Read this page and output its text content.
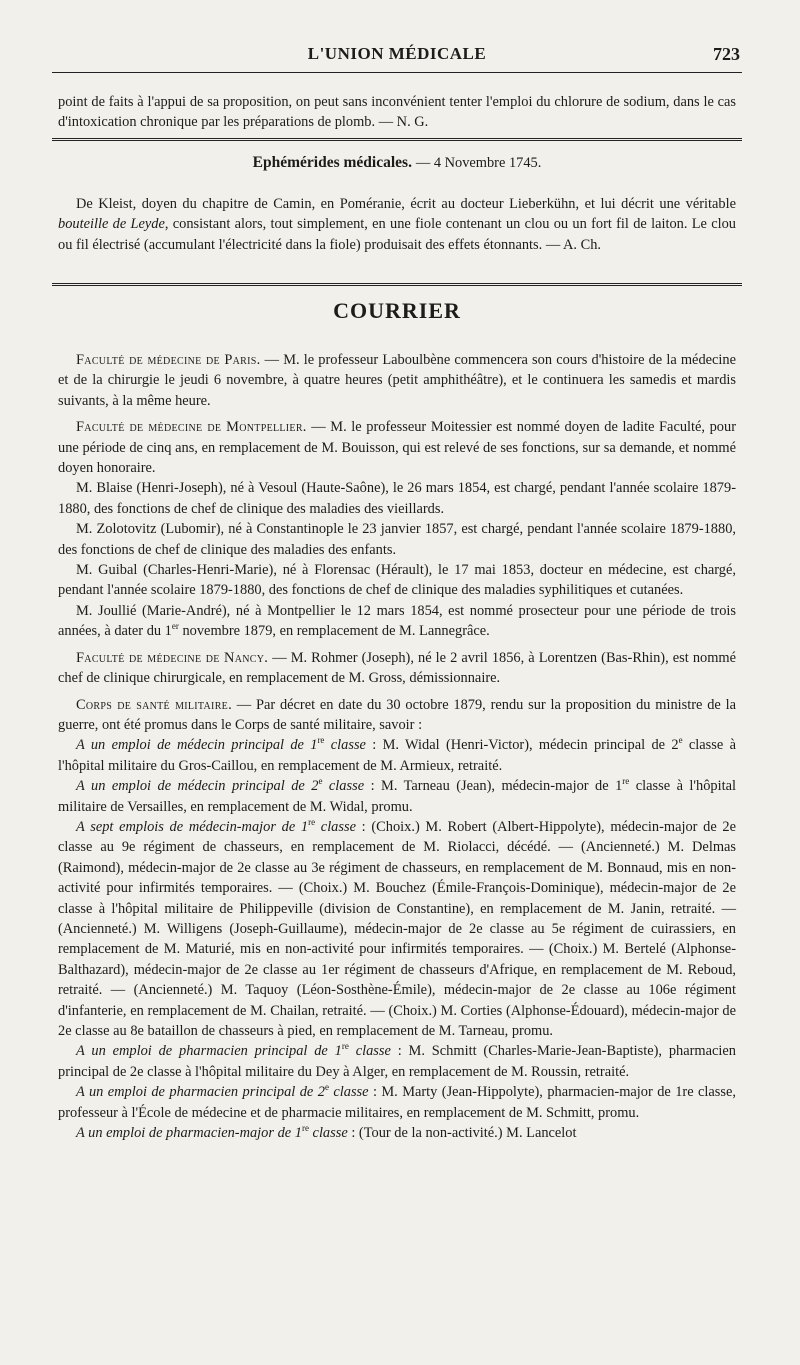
L'UNION MÉDICALE	723

point de faits à l'appui de sa proposition, on peut sans inconvénient tenter l'emploi du chlorure de sodium, dans le cas d'intoxication chronique par les préparations de plomb. — N. G.

Ephémérides médicales. — 4 Novembre 1745.

De Kleist, doyen du chapitre de Camin, en Poméranie, écrit au docteur Lieberkühn, et lui décrit une véritable bouteille de Leyde, consistant alors, tout simplement, en une fiole contenant un clou ou un fort fil de laiton. Le clou ou fil électrisé (accumulant l'électricité dans la fiole) produisait des effets étonnants. — A. Ch.

COURRIER

Faculté de médecine de Paris. — M. le professeur Laboulbène commencera son cours d'histoire de la médecine et de la chirurgie le jeudi 6 novembre, à quatre heures (petit amphithéâtre), et le continuera les samedis et mardis suivants, à la même heure.

Faculté de médecine de Montpellier. — M. le professeur Moitessier est nommé doyen de ladite Faculté, pour une période de cinq ans, en remplacement de M. Bouisson, qui est relevé de ses fonctions, sur sa demande, et nommé doyen honoraire.

M. Blaise (Henri-Joseph), né à Vesoul (Haute-Saône), le 26 mars 1854, est chargé, pendant l'année scolaire 1879-1880, des fonctions de chef de clinique des maladies des vieillards.

M. Zolotovitz (Lubomir), né à Constantinople le 23 janvier 1857, est chargé, pendant l'année scolaire 1879-1880, des fonctions de chef de clinique des maladies des enfants.

M. Guibal (Charles-Henri-Marie), né à Florensac (Hérault), le 17 mai 1853, docteur en médecine, est chargé, pendant l'année scolaire 1879-1880, des fonctions de chef de clinique des maladies syphilitiques et cutanées.

M. Joullié (Marie-André), né à Montpellier le 12 mars 1854, est nommé prosecteur pour une période de trois années, à dater du 1er novembre 1879, en remplacement de M. Lannegrâce.

Faculté de médecine de Nancy. — M. Rohmer (Joseph), né le 2 avril 1856, à Lorentzen (Bas-Rhin), est nommé chef de clinique chirurgicale, en remplacement de M. Gross, démissionnaire.

Corps de santé militaire. — Par décret en date du 30 octobre 1879, rendu sur la proposition du ministre de la guerre, ont été promus dans le Corps de santé militaire, savoir :

A un emploi de médecin principal de 1re classe : M. Widal (Henri-Victor), médecin principal de 2e classe à l'hôpital militaire du Gros-Caillou, en remplacement de M. Armieux, retraité.

A un emploi de médecin principal de 2e classe : M. Tarneau (Jean), médecin-major de 1re classe à l'hôpital militaire de Versailles, en remplacement de M. Widal, promu.

A sept emplois de médecin-major de 1re classe : (Choix.) M. Robert (Albert-Hippolyte), médecin-major de 2e classe au 9e régiment de chasseurs, en remplacement de M. Riolacci, décédé. — (Ancienneté.) M. Delmas (Raimond), médecin-major de 2e classe au 3e régiment de chasseurs, en remplacement de M. Bonnaud, mis en non-activité pour infirmités temporaires. — (Choix.) M. Bouchez (Émile-François-Dominique), médecin-major de 2e classe à l'hôpital militaire de Philippeville (division de Constantine), en remplacement de M. Janin, retraité. — (Ancienneté.) M. Willigens (Joseph-Guillaume), médecin-major de 2e classe au 5e régiment de cuirassiers, en remplacement de M. Maturié, mis en non-activité pour infirmités temporaires. — (Choix.) M. Bertelé (Alphonse-Balthazard), médecin-major de 2e classe au 1er régiment de chasseurs d'Afrique, en remplacement de M. Reboud, retraité. — (Ancienneté.) M. Taquoy (Léon-Sosthène-Émile), médecin-major de 2e classe au 106e régiment d'infanterie, en remplacement de M. Chailan, retraité. — (Choix.) M. Corties (Alphonse-Édouard), médecin-major de 2e classe au 8e bataillon de chasseurs à pied, en remplacement de M. Tarneau, promu.

A un emploi de pharmacien principal de 1re classe : M. Schmitt (Charles-Marie-Jean-Baptiste), pharmacien principal de 2e classe à l'hôpital militaire du Dey à Alger, en remplacement de M. Roussin, retraité.

A un emploi de pharmacien principal de 2e classe : M. Marty (Jean-Hippolyte), pharmacien-major de 1re classe, professeur à l'École de médecine et de pharmacie militaires, en remplacement de M. Schmitt, promu.

A un emploi de pharmacien-major de 1re classe : (Tour de la non-activité.) M. Lancelot
